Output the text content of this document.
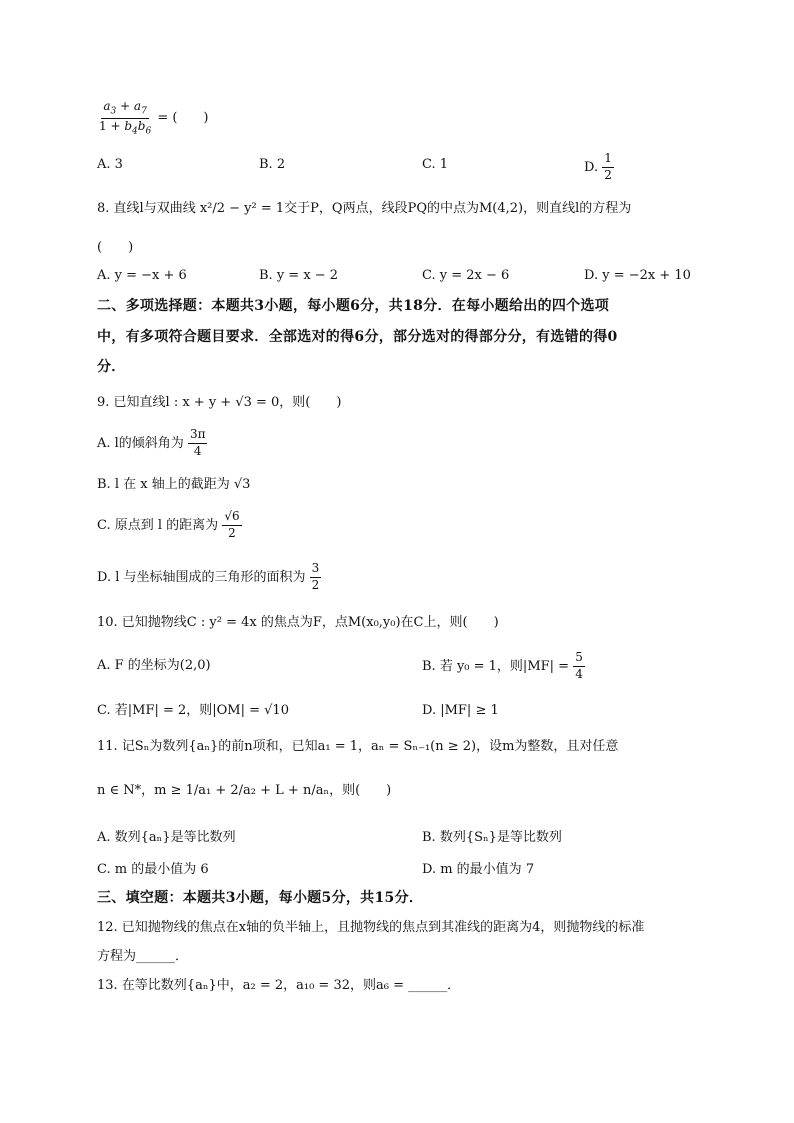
$\frac{a_3 + a_7}{1 + b_4b_6}$ = (　　)
A. 3	B. 2	C. 1	D. $\frac{1}{2}$
8. 直线l与双曲线 x²/2 − y² = 1交于P，Q两点，线段PQ的中点为M(4,2)，则直线l的方程为
(　　)
A. y = −x + 6	B. y = x − 2	C. y = 2x − 6	D. y = −2x + 10
二、多项选择题：本题共3小题，每小题6分，共18分．在每小题给出的四个选项
中，有多项符合题目要求．全部选对的得6分，部分选对的得部分分，有选错的得0
分．
9. 已知直线l : x + y + √3 = 0，则(　　)
A. l的倾斜角为 $\frac{3\pi}{4}$
B. l 在 x 轴上的截距为 √3
C. 原点到 l 的距离为 $\frac{√6}{2}$
D. l 与坐标轴围成的三角形的面积为 $\frac{3}{2}$
10. 已知抛物线C : y² = 4x 的焦点为F，点M(x₀,y₀)在C上，则(　　)
A. F 的坐标为(2,0)	B. 若 y₀ = 1，则$|MF| = \frac{5}{4}$
C. 若|MF| = 2，则|OM| = √10	D. |MF| ≥ 1
11. 记Sₙ为数列{aₙ}的前n项和，已知a₁ = 1，aₙ = Sₙ₋₁(n ≥ 2)，设m为整数，且对任意
n ∈ N*，m ≥ 1/a₁ + 2/a₂ + L + n/aₙ，则(　　)
A. 数列{aₙ}是等比数列	B. 数列{Sₙ}是等比数列
C. m 的最小值为 6	D. m 的最小值为 7
三、填空题：本题共3小题，每小题5分，共15分．
12. 已知抛物线的焦点在x轴的负半轴上，且抛物线的焦点到其准线的距离为4，则抛物线的标准
方程为______．
13. 在等比数列{aₙ}中，a₂ = 2，a₁₀ = 32，则a₆ = ______．
